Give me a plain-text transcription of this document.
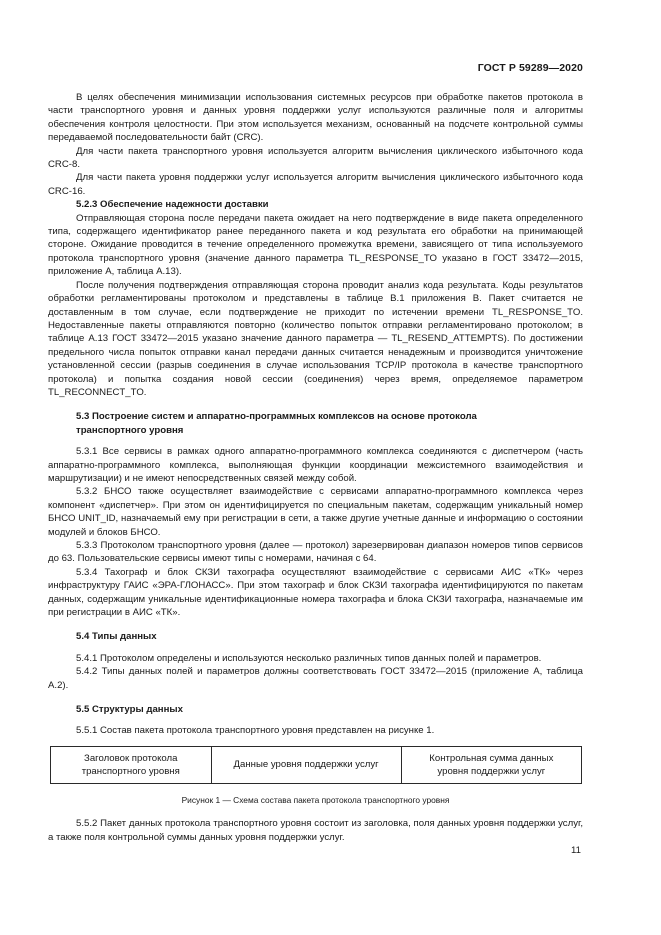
ГОСТ Р 59289—2020

В целях обеспечения минимизации использования системных ресурсов при обработке пакетов протокола в части транспортного уровня и данных уровня поддержки услуг используются различные поля и алгоритмы обеспечения контроля целостности. При этом используется механизм, основанный на подсчете контрольной суммы передаваемой последовательности байт (CRC).

Для части пакета транспортного уровня используется алгоритм вычисления циклического избыточного кода CRC-8.

Для части пакета уровня поддержки услуг используется алгоритм вычисления циклического избыточного кода CRC-16.

5.2.3 Обеспечение надежности доставки

Отправляющая сторона после передачи пакета ожидает на него подтверждение в виде пакета определенного типа, содержащего идентификатор ранее переданного пакета и код результата его обработки на принимающей стороне. Ожидание проводится в течение определенного промежутка времени, зависящего от типа используемого протокола транспортного уровня (значение данного параметра TL_RESPONSE_TO указано в ГОСТ 33472—2015, приложение А, таблица А.13).

После получения подтверждения отправляющая сторона проводит анализ кода результата. Коды результатов обработки регламентированы протоколом и представлены в таблице В.1 приложения В. Пакет считается не доставленным в том случае, если подтверждение не приходит по истечении времени TL_RESPONSE_TO. Недоставленные пакеты отправляются повторно (количество попыток отправки регламентировано протоколом; в таблице А.13 ГОСТ 33472—2015 указано значение данного параметра — TL_RESEND_ATTEMPTS). По достижении предельного числа попыток отправки канал передачи данных считается ненадежным и производится уничтожение установленной сессии (разрыв соединения в случае использования TCP/IP протокола в качестве транспортного протокола) и попытка создания новой сессии (соединения) через время, определяемое параметром TL_RECONNECT_TO.

5.3 Построение систем и аппаратно-программных комплексов на основе протокола

транспортного уровня

5.3.1 Все сервисы в рамках одного аппаратно-программного комплекса соединяются с диспетчером (часть аппаратно-программного комплекса, выполняющая функции координации межсистемного взаимодействия и маршрутизации) и не имеют непосредственных связей между собой.

5.3.2 БНСО также осуществляет взаимодействие с сервисами аппаратно-программного комплекса через компонент «диспетчер». При этом он идентифицируется по специальным пакетам, содержащим уникальный номер БНСО UNIT_ID, назначаемый ему при регистрации в сети, а также другие учетные данные и информацию о состоянии модулей и блоков БНСО.

5.3.3 Протоколом транспортного уровня (далее — протокол) зарезервирован диапазон номеров типов сервисов до 63. Пользовательские сервисы имеют типы с номерами, начиная с 64.

5.3.4 Тахограф и блок СКЗИ тахографа осуществляют взаимодействие с сервисами АИС «ТК» через инфраструктуру ГАИС «ЭРА-ГЛОНАСС». При этом тахограф и блок СКЗИ тахографа идентифицируются по пакетам данных, содержащим уникальные идентификационные номера тахографа и блока СКЗИ тахографа, назначаемые им при регистрации в АИС «ТК».

5.4 Типы данных

5.4.1 Протоколом определены и используются несколько различных типов данных полей и параметров.

5.4.2 Типы данных полей и параметров должны соответствовать ГОСТ 33472—2015 (приложение А, таблица А.2).

5.5 Структуры данных

5.5.1 Состав пакета протокола транспортного уровня представлен на рисунке 1.

Заголовок протокола
транспортного уровня	Данные уровня поддержки услуг	Контрольная сумма данных
уровня поддержки услуг
Рисунок 1 — Схема состава пакета протокола транспортного уровня

5.5.2 Пакет данных протокола транспортного уровня состоит из заголовка, поля данных уровня поддержки услуг, а также поля контрольной суммы данных уровня поддержки услуг.

11
